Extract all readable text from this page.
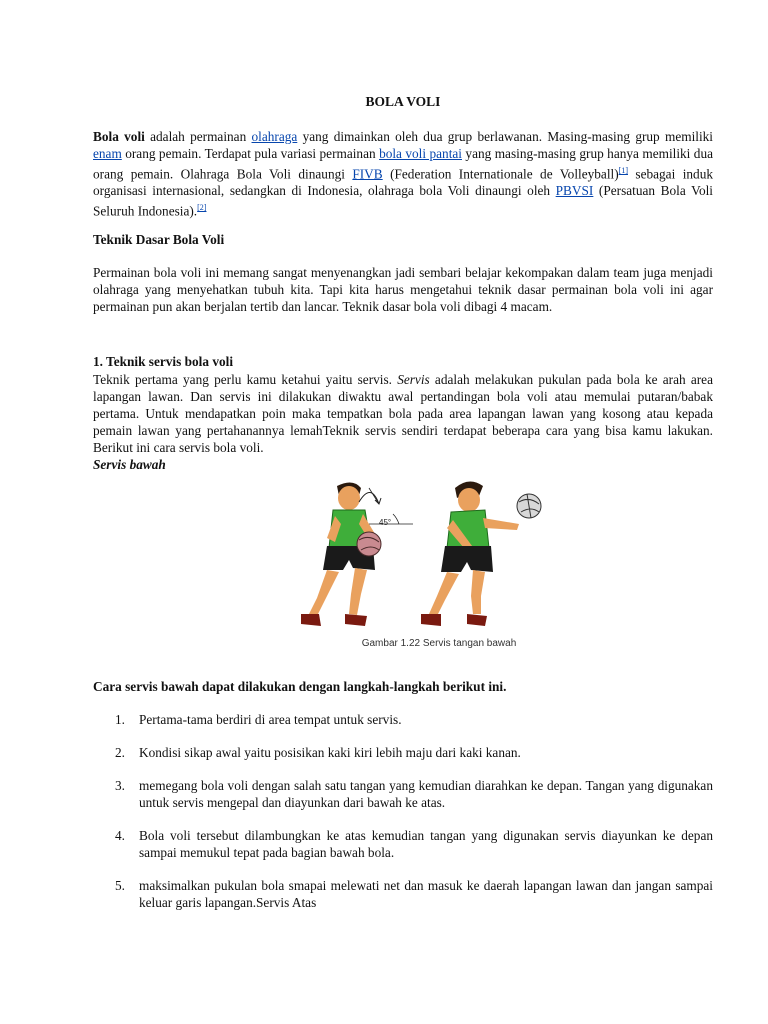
BOLA VOLI

Bola voli adalah permainan olahraga yang dimainkan oleh dua grup berlawanan. Masing-masing grup memiliki enam orang pemain. Terdapat pula variasi permainan bola voli pantai yang masing-masing grup hanya memiliki dua orang pemain. Olahraga Bola Voli dinaungi FIVB (Federation Internationale de Volleyball)[1] sebagai induk organisasi internasional, sedangkan di Indonesia, olahraga bola Voli dinaungi oleh PBVSI (Persatuan Bola Voli Seluruh Indonesia).[2]

Teknik Dasar Bola Voli

Permainan bola voli ini memang sangat menyenangkan jadi sembari belajar kekompakan dalam team juga menjadi olahraga yang menyehatkan tubuh kita. Tapi kita harus mengetahui teknik dasar permainan bola voli ini agar permainan pun akan berjalan tertib dan lancar. Teknik dasar bola voli dibagi 4 macam.

1. Teknik servis bola voli

Teknik pertama yang perlu kamu ketahui yaitu servis. Servis adalah melakukan pukulan pada bola ke arah area lapangan lawan. Dan servis ini dilakukan diwaktu awal pertandingan bola voli atau memulai putaran/babak pertama. Untuk mendapatkan poin maka tempatkan bola pada area lapangan lawan yang kosong atau kepada pemain lawan yang pertahanannya lemahTeknik servis sendiri terdapat beberapa cara yang bisa kamu lakukan. Berikut ini cara servis bola voli.

Servis bawah
45°
Gambar 1.22 Servis tangan bawah
Cara servis bawah dapat dilakukan dengan langkah-langkah berikut ini.
1. Pertama-tama berdiri di area tempat untuk servis.
2. Kondisi sikap awal yaitu posisikan kaki kiri lebih maju dari kaki kanan.
3. memegang bola voli dengan salah satu tangan yang kemudian diarahkan ke depan. Tangan yang digunakan untuk servis mengepal dan diayunkan dari bawah ke atas.
4. Bola voli tersebut dilambungkan ke atas kemudian tangan yang digunakan servis diayunkan ke depan sampai memukul tepat pada bagian bawah bola.
5. maksimalkan pukulan bola smapai melewati net dan masuk ke daerah lapangan lawan dan jangan sampai keluar garis lapangan.Servis Atas
